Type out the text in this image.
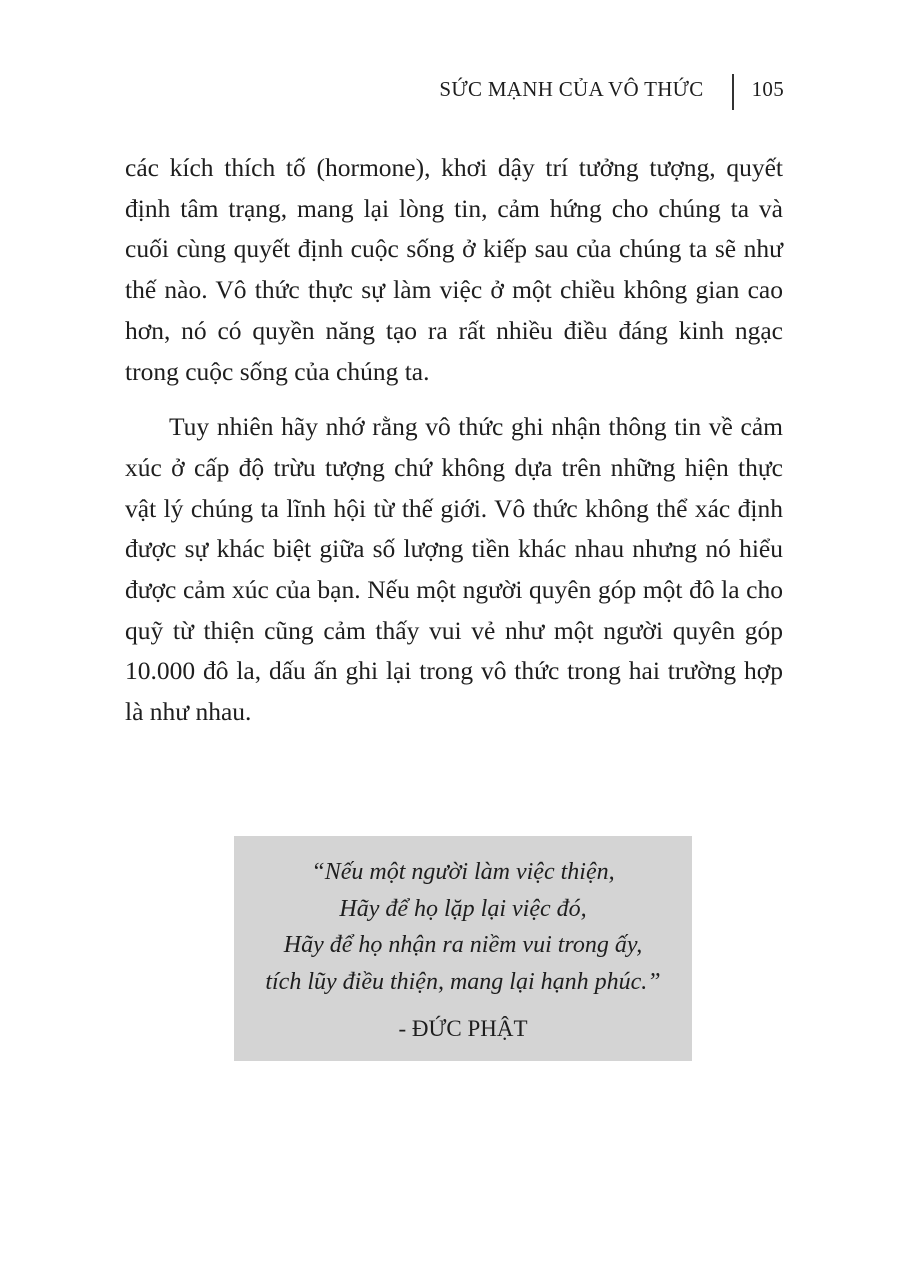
SỨC MẠNH CỦA VÔ THỨC	105

các kích thích tố (hormone), khơi dậy trí tưởng tượng, quyết định tâm trạng, mang lại lòng tin, cảm hứng cho chúng ta và cuối cùng quyết định cuộc sống ở kiếp sau của chúng ta sẽ như thế nào. Vô thức thực sự làm việc ở một chiều không gian cao hơn, nó có quyền năng tạo ra rất nhiều điều đáng kinh ngạc trong cuộc sống của chúng ta.

Tuy nhiên hãy nhớ rằng vô thức ghi nhận thông tin về cảm xúc ở cấp độ trừu tượng chứ không dựa trên những hiện thực vật lý chúng ta lĩnh hội từ thế giới. Vô thức không thể xác định được sự khác biệt giữa số lượng tiền khác nhau nhưng nó hiểu được cảm xúc của bạn. Nếu một người quyên góp một đô la cho quỹ từ thiện cũng cảm thấy vui vẻ như một người quyên góp 10.000 đô la, dấu ấn ghi lại trong vô thức trong hai trường hợp là như nhau.

“Nếu một người làm việc thiện,
Hãy để họ lặp lại việc đó,
Hãy để họ nhận ra niềm vui trong ấy,
tích lũy điều thiện, mang lại hạnh phúc.”
- ĐỨC PHẬT
